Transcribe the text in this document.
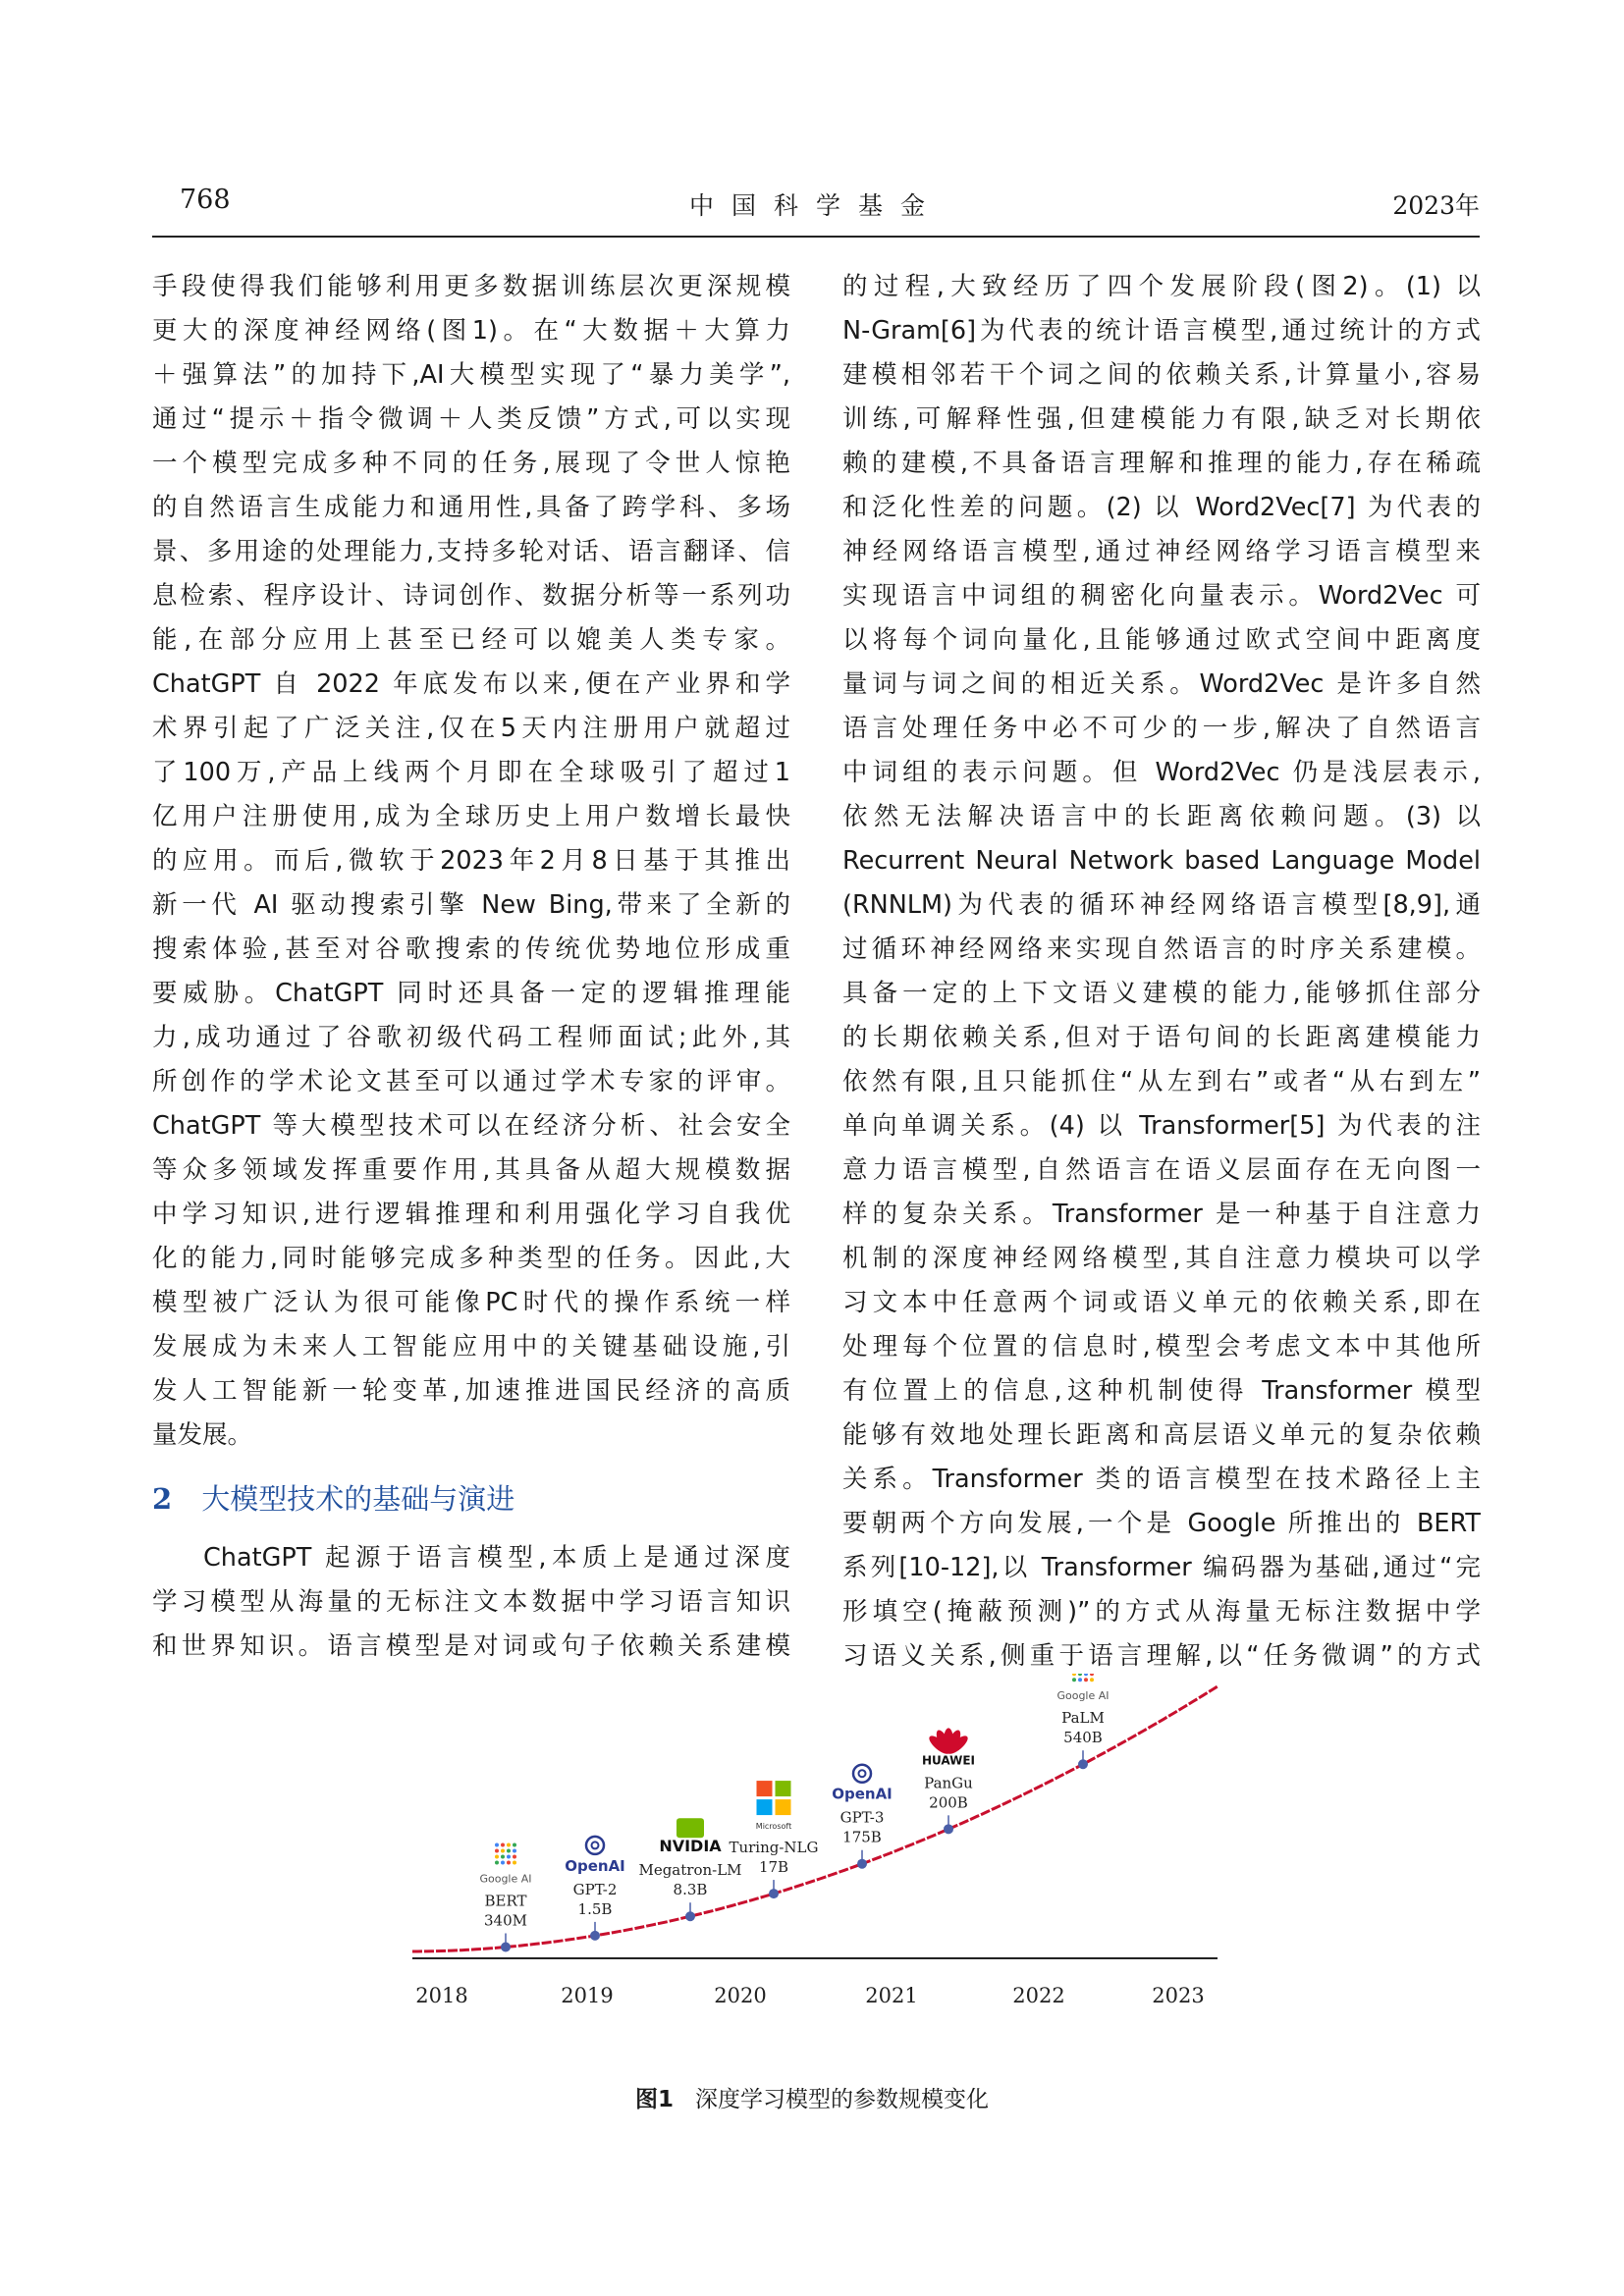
768	中国科学基金	2023年
手段使得我们能够利用更多数据训练层次更深规模
更大的深度神经网络(图1)。在“大数据＋大算力
＋强算法”的加持下,AI大模型实现了“暴力美学”,
通过“提示＋指令微调＋人类反馈”方式,可以实现
一个模型完成多种不同的任务,展现了令世人惊艳
的自然语言生成能力和通用性,具备了跨学科、多场
景、多用途的处理能力,支持多轮对话、语言翻译、信
息检索、程序设计、诗词创作、数据分析等一系列功
能,在部分应用上甚至已经可以媲美人类专家。
ChatGPT 自 2022 年底发布以来,便在产业界和学
术界引起了广泛关注,仅在5天内注册用户就超过
了100万,产品上线两个月即在全球吸引了超过1
亿用户注册使用,成为全球历史上用户数增长最快
的应用。而后,微软于2023年2月8日基于其推出
新一代 AI 驱动搜索引擎 New Bing,带来了全新的
搜索体验,甚至对谷歌搜索的传统优势地位形成重
要威胁。ChatGPT 同时还具备一定的逻辑推理能
力,成功通过了谷歌初级代码工程师面试;此外,其
所创作的学术论文甚至可以通过学术专家的评审。
ChatGPT 等大模型技术可以在经济分析、社会安全
等众多领域发挥重要作用,其具备从超大规模数据
中学习知识,进行逻辑推理和利用强化学习自我优
化的能力,同时能够完成多种类型的任务。因此,大
模型被广泛认为很可能像PC时代的操作系统一样
发展成为未来人工智能应用中的关键基础设施,引
发人工智能新一轮变革,加速推进国民经济的高质
量发展。
2 大模型技术的基础与演进
ChatGPT 起源于语言模型,本质上是通过深度
学习模型从海量的无标注文本数据中学习语言知识
和世界知识。语言模型是对词或句子依赖关系建模
的过程,大致经历了四个发展阶段(图2)。(1) 以
N-Gram[6]为代表的统计语言模型,通过统计的方式
建模相邻若干个词之间的依赖关系,计算量小,容易
训练,可解释性强,但建模能力有限,缺乏对长期依
赖的建模,不具备语言理解和推理的能力,存在稀疏
和泛化性差的问题。(2) 以 Word2Vec[7] 为代表的
神经网络语言模型,通过神经网络学习语言模型来
实现语言中词组的稠密化向量表示。Word2Vec 可
以将每个词向量化,且能够通过欧式空间中距离度
量词与词之间的相近关系。Word2Vec 是许多自然
语言处理任务中必不可少的一步,解决了自然语言
中词组的表示问题。但 Word2Vec 仍是浅层表示,
依然无法解决语言中的长距离依赖问题。(3) 以
Recurrent Neural Network based Language Model
(RNNLM)为代表的循环神经网络语言模型[8,9],通
过循环神经网络来实现自然语言的时序关系建模。
具备一定的上下文语义建模的能力,能够抓住部分
的长期依赖关系,但对于语句间的长距离建模能力
依然有限,且只能抓住“从左到右”或者“从右到左”
单向单调关系。(4) 以 Transformer[5] 为代表的注
意力语言模型,自然语言在语义层面存在无向图一
样的复杂关系。Transformer 是一种基于自注意力
机制的深度神经网络模型,其自注意力模块可以学
习文本中任意两个词或语义单元的依赖关系,即在
处理每个位置的信息时,模型会考虑文本中其他所
有位置上的信息,这种机制使得 Transformer 模型
能够有效地处理长距离和高层语义单元的复杂依赖
关系。Transformer 类的语言模型在技术路径上主
要朝两个方向发展,一个是 Google 所推出的 BERT
系列[10-12],以 Transformer 编码器为基础,通过“完
形填空(掩蔽预测)”的方式从海量无标注数据中学
习语义关系,侧重于语言理解,以“任务微调”的方式
2018	2019	2020	2021	2022	2023
340M
BERT
Google AI
1.5B
GPT-2
OpenAI
8.3B
Megatron-LM
NVIDIA
17B
Turing-NLG
Microsoft
175B
GPT-3
OpenAI 200B
PanGu
HUAWEI
540B
PaLM
Google AI
图1 深度学习模型的参数规模变化
